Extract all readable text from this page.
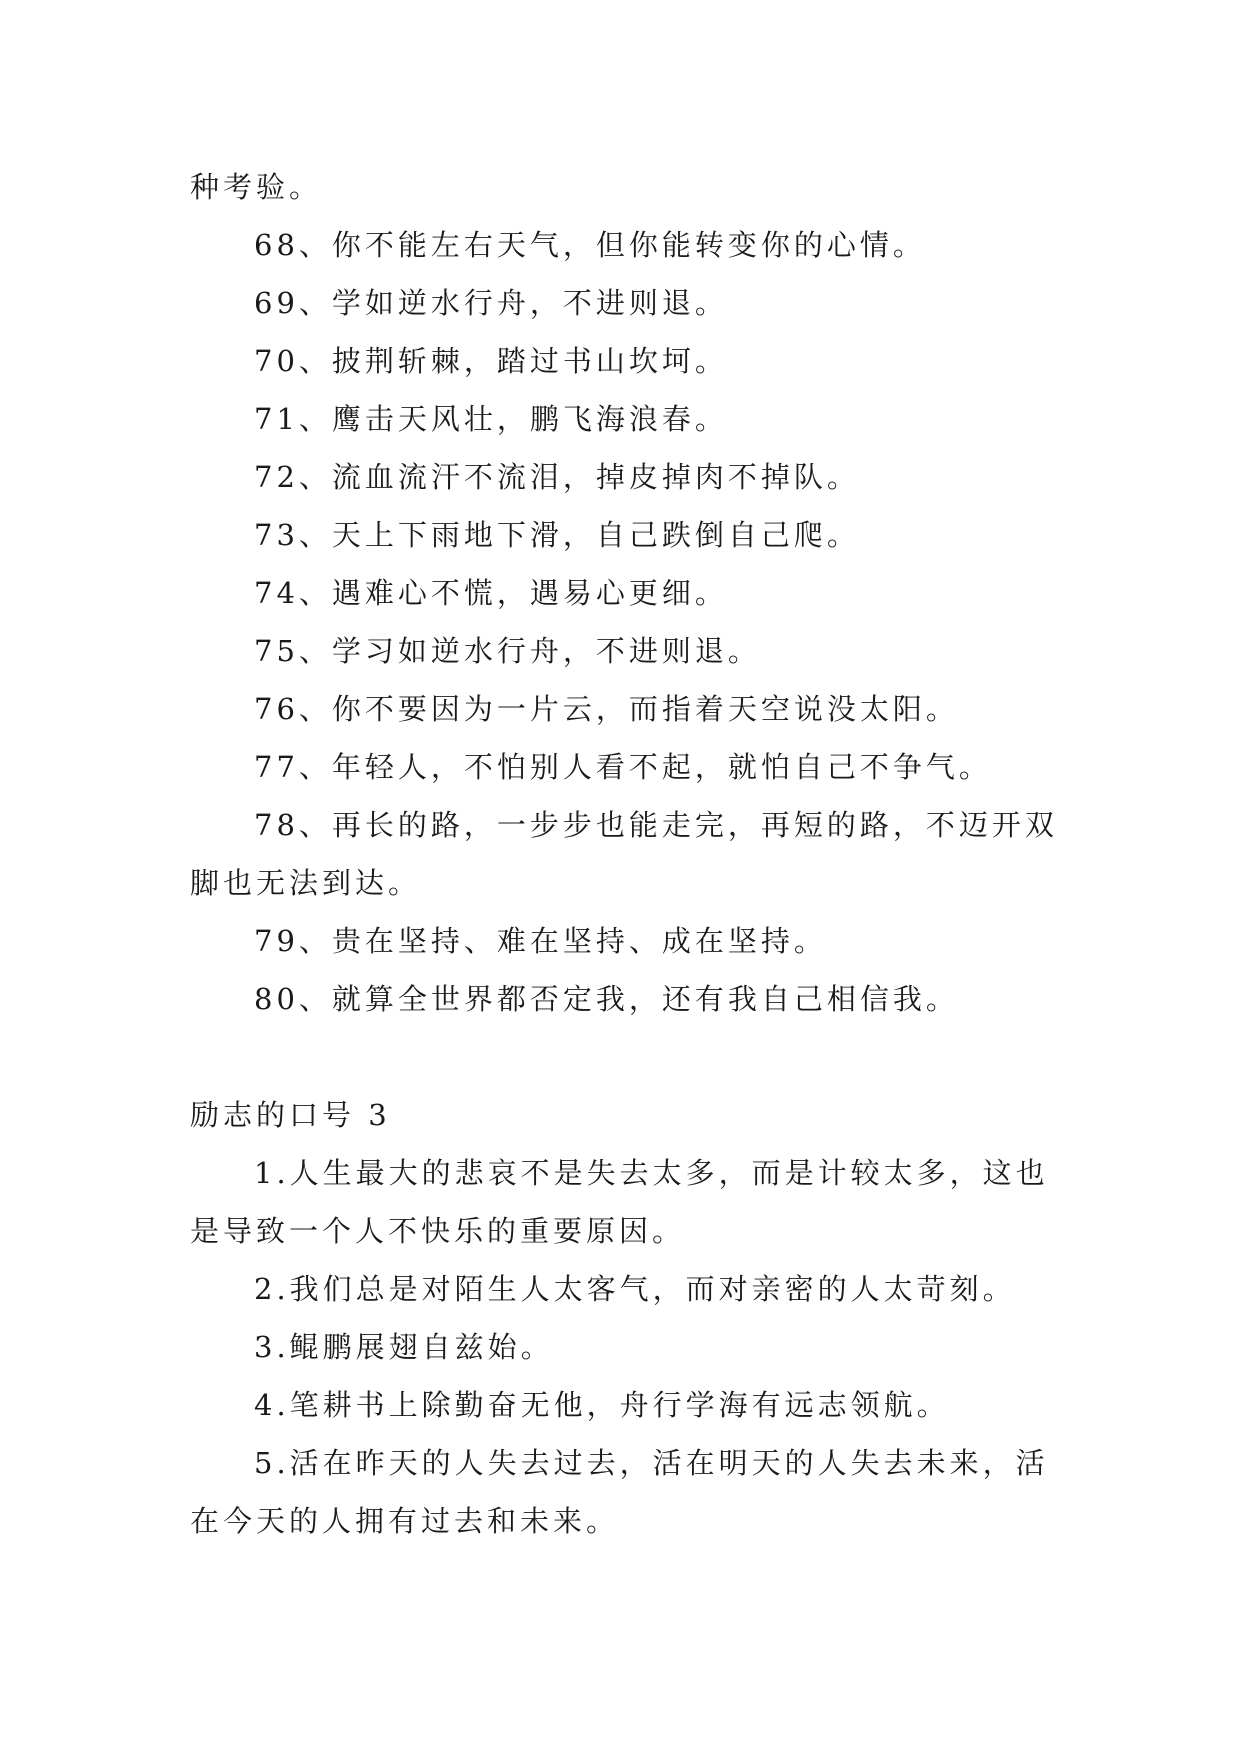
种考验。
68、你不能左右天气，但你能转变你的心情。
69、学如逆水行舟，不进则退。
70、披荆斩棘，踏过书山坎坷。
71、鹰击天风壮，鹏飞海浪春。
72、流血流汗不流泪，掉皮掉肉不掉队。
73、天上下雨地下滑，自己跌倒自己爬。
74、遇难心不慌，遇易心更细。
75、学习如逆水行舟，不进则退。
76、你不要因为一片云，而指着天空说没太阳。
77、年轻人，不怕别人看不起，就怕自己不争气。
78、再长的路，一步步也能走完，再短的路，不迈开双
脚也无法到达。
79、贵在坚持、难在坚持、成在坚持。
80、就算全世界都否定我，还有我自己相信我。
励志的口号 3
1.人生最大的悲哀不是失去太多，而是计较太多，这也
是导致一个人不快乐的重要原因。
2.我们总是对陌生人太客气，而对亲密的人太苛刻。
3.鲲鹏展翅自兹始。
4.笔耕书上除勤奋无他，舟行学海有远志领航。
5.活在昨天的人失去过去，活在明天的人失去未来，活
在今天的人拥有过去和未来。
